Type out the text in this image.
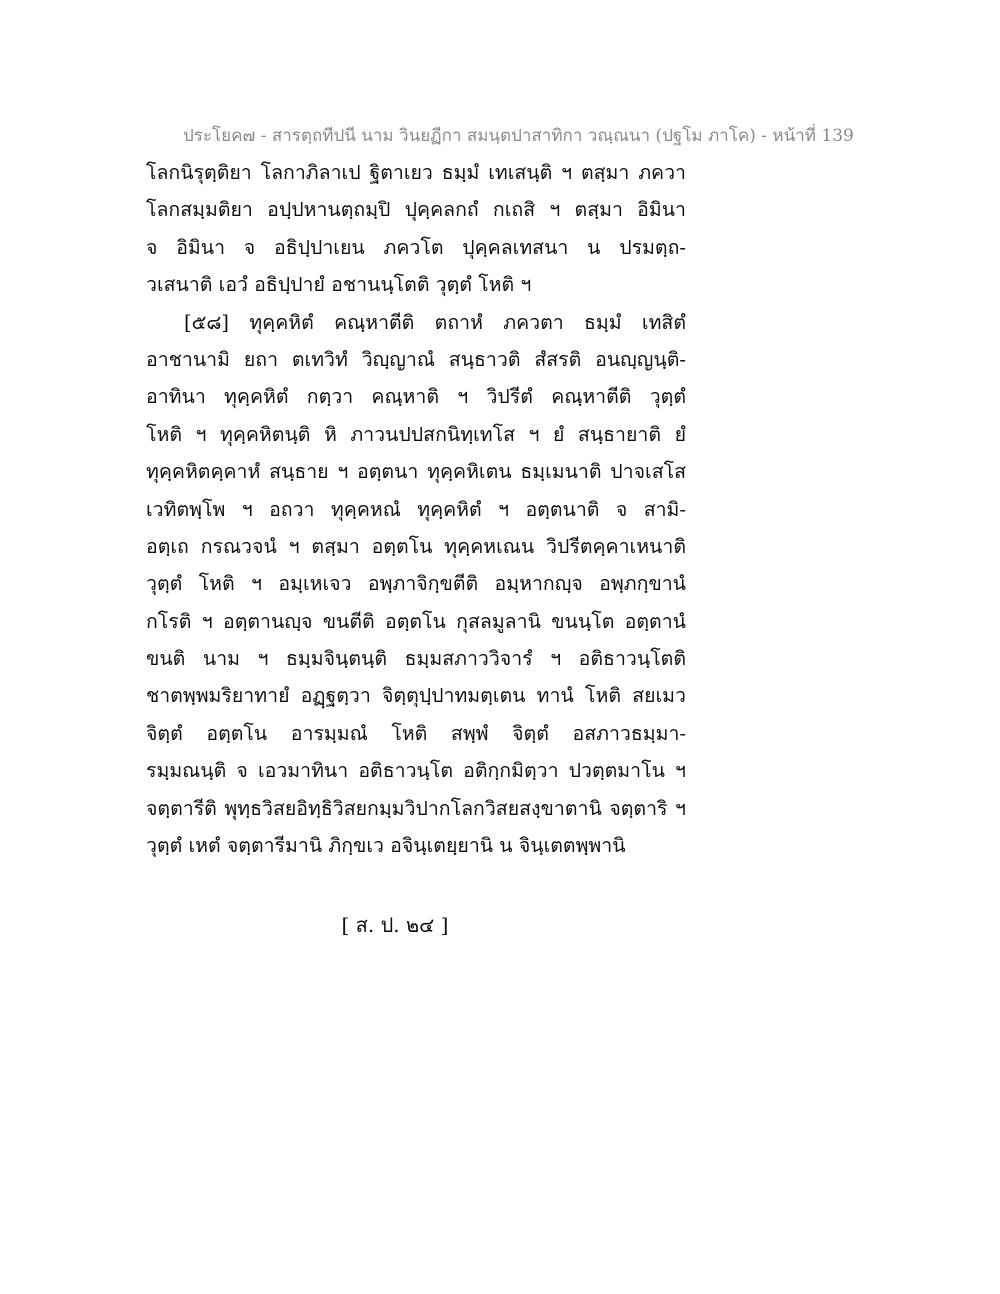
ประโยค๗ - สารตฺถทีปนี นาม วินยฏีกา สมนฺตปาสาทิกา วณฺณนา (ปฐโม ภาโค) - หน้าที่ 139
โลกนิรุตฺติยา โลกาภิลาเป ฐิตาเยว ธมฺมํ เทเสนฺติ ฯ ตสฺมา ภควา
โลกสมฺมติยา อปฺปหานตฺถมฺปิ ปุคฺคลกถํ กเถสิ ฯ ตสฺมา อิมินา
จ อิมินา จ อธิปฺปาเยน ภควโต ปุคฺคลเทสนา น ปรมตฺถ-
วเสนาติ เอวํ อธิปฺปายํ อชานนฺโตติ วุตฺตํ โหติ ฯ
[๕๘] ทุคฺคหิตํ คณฺหาตีติ ตถาหํ ภควตา ธมฺมํ เทสิตํ
อาชานามิ ยถา ตเทวิทํ วิญฺญาณํ สนฺธาวติ สํสรติ อนญฺญนฺติ-
อาทินา ทุคฺคหิตํ กตฺวา คณฺหาติ ฯ วิปรีตํ คณฺหาตีติ วุตฺตํ
โหติ ฯ ทุคฺคหิตนฺติ หิ ภาวนปปสกนิทฺเทโส ฯ ยํ สนฺธายาติ ยํ
ทุคฺคหิตคฺคาหํ สนฺธาย ฯ อตฺตนา ทุคฺคหิเตน ธมฺเมนาติ ปาจเสโส
เวทิตพฺโพ ฯ อถวา ทุคฺคหณํ ทุคฺคหิตํ ฯ อตฺตนาติ จ สามิ-
อตฺเถ กรณวจนํ ฯ ตสฺมา อตฺตโน ทุคฺคหเณน วิปรีตคฺคาเหนาติ
วุตฺตํ โหติ ฯ อมฺเหเจว อพฺภาจิกฺขตีติ อมฺหากญฺจ อพฺภกฺขานํ
กโรติ ฯ อตฺตานญฺจ ขนตีติ อตฺตโน กุสลมูลานิ ขนนฺโต อตฺตานํ
ขนติ นาม ฯ ธมฺมจินฺตนฺติ ธมฺมสภาววิจารํ ฯ อติธาวนฺโตติ
ชาตพฺพมริยาทายํ อฏฺฐตฺวา จิตฺตุปฺปาทมตฺเตน ทานํ โหติ สยเมว
จิตฺตํ อตฺตโน อารมฺมณํ โหติ สพฺพํ จิตฺตํ อสภาวธมฺมา-
รมฺมณนฺติ จ เอวมาทินา อติธาวนฺโต อติกฺกมิตฺวา ปวตฺตมาโน ฯ
จตฺตารีติ พุทฺธวิสยอิทฺธิวิสยกมฺมวิปากโลกวิสยสงฺขาตานิ จตฺตาริ ฯ
วุตฺตํ เหตํ จตฺตารีมานิ ภิกฺขเว อจินฺเตยฺยานิ น จินฺเตตพฺพานิ
[ ส. ป. ๒๔ ]
